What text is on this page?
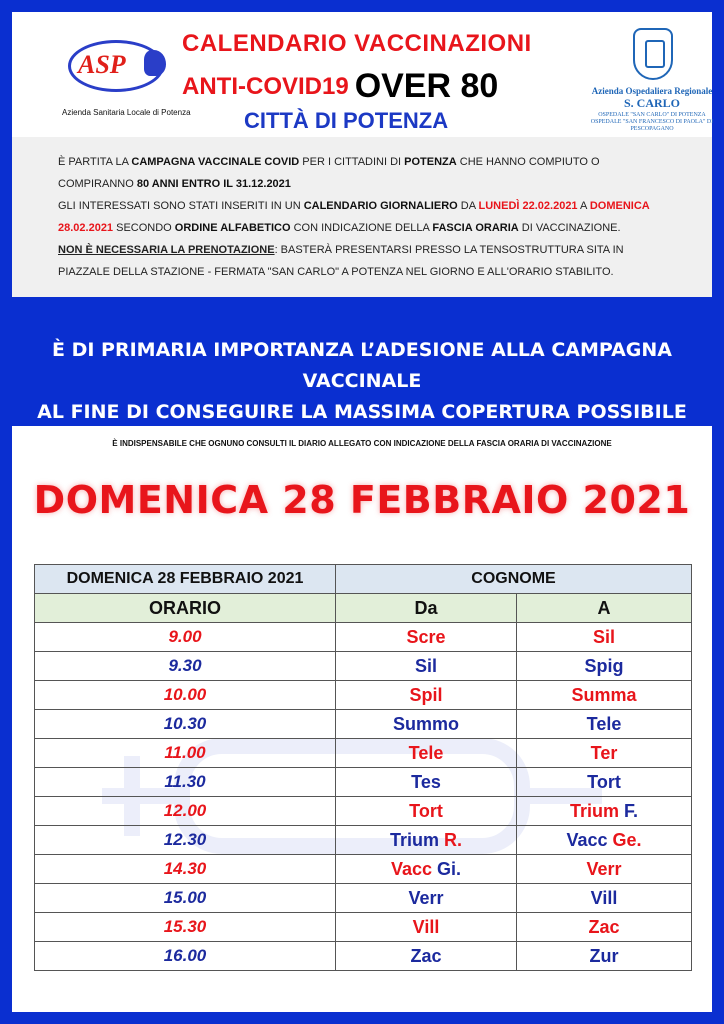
ASP
Azienda Sanitaria Locale di Potenza
CALENDARIO VACCINAZIONI
ANTI-COVID19 OVER 80
CITTÀ DI POTENZA
Azienda Ospedaliera Regionale
S. CARLO
OSPEDALE "SAN CARLO" DI POTENZA
OSPEDALE "SAN FRANCESCO DI PAOLA" DI PESCOPAGANO

È PARTITA LA CAMPAGNA VACCINALE COVID PER I CITTADINI DI POTENZA CHE HANNO COMPIUTO O COMPIRANNO 80 ANNI ENTRO IL 31.12.2021

GLI INTERESSATI SONO STATI INSERITI IN UN CALENDARIO GIORNALIERO DA LUNEDÌ 22.02.2021 A DOMENICA 28.02.2021 SECONDO ORDINE ALFABETICO CON INDICAZIONE DELLA FASCIA ORARIA DI VACCINAZIONE.

NON È NECESSARIA LA PRENOTAZIONE: BASTERÀ PRESENTARSI PRESSO LA TENSOSTRUTTURA SITA IN PIAZZALE DELLA STAZIONE - FERMATA "SAN CARLO" A POTENZA NEL GIORNO E ALL'ORARIO STABILITO.

È DI PRIMARIA IMPORTANZA L’ADESIONE ALLA CAMPAGNA VACCINALE
AL FINE DI CONSEGUIRE LA MASSIMA COPERTURA POSSIBILE
È INDISPENSABILE CHE OGNUNO CONSULTI IL DIARIO ALLEGATO CON INDICAZIONE DELLA FASCIA ORARIA DI VACCINAZIONE
DOMENICA 28 FEBBRAIO 2021
DOMENICA 28 FEBBRAIO 2021	COGNOME	
ORARIO	Da	A
9.00	Scre	Sil
9.30	Sil	Spig
10.00	Spil	Summa
10.30	Summo	Tele
11.00	Tele	Ter
11.30	Tes	Tort
12.00	Tort	Trium F.
12.30	Trium R.	Vacc Ge.
14.30	Vacc Gi.	Verr
15.00	Verr	Vill
15.30	Vill	Zac
16.00	Zac	Zur
